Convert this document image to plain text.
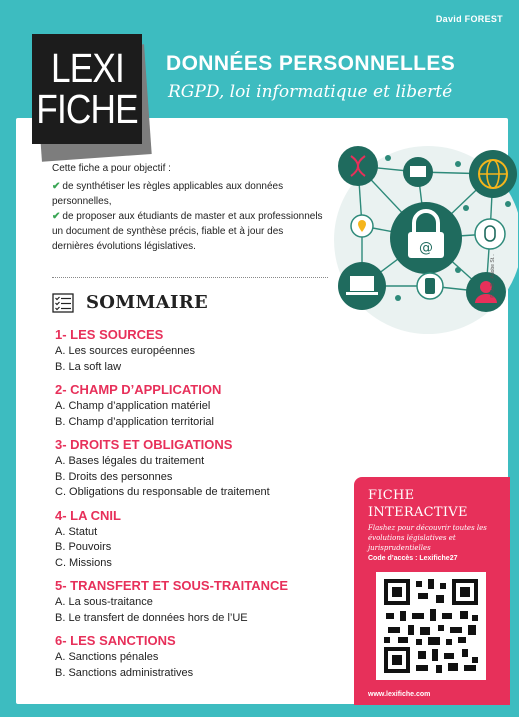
David FOREST
LEXI
FICHE
DONNÉES PERSONNELLES
RGPD, loi informatique et liberté

Cette fiche a pour objectif :

✔ de synthétiser les règles applicables aux données personnelles,

✔ de proposer aux étudiants de master et aux professionnels un document de synthèse précis, fiable et à jour des dernières évolutions législatives.

SOMMAIRE
1- LES SOURCES
A. Les sources européennes
B. La soft law
2- CHAMP D’APPLICATION
A. Champ d’application matériel
B. Champ d’application territorial
3- DROITS ET OBLIGATIONS
A. Bases légales du traitement
B. Droits des personnes
C. Obligations du responsable de traitement
4- LA CNIL
A. Statut
B. Pouvoirs
C. Missions
5- TRANSFERT ET SOUS-TRAITANCE
A. La sous-traitance
B. Le transfert de données hors de l’UE
6- LES SANCTIONS
A. Sanctions pénales
B. Sanctions administratives
@
© Scilli - Adobe St...
FICHE
INTERACTIVE
Flashez pour découvrir toutes les évolutions législatives et jurisprudentielles
Code d’accès : Lexifiche27
www.lexifiche.com
